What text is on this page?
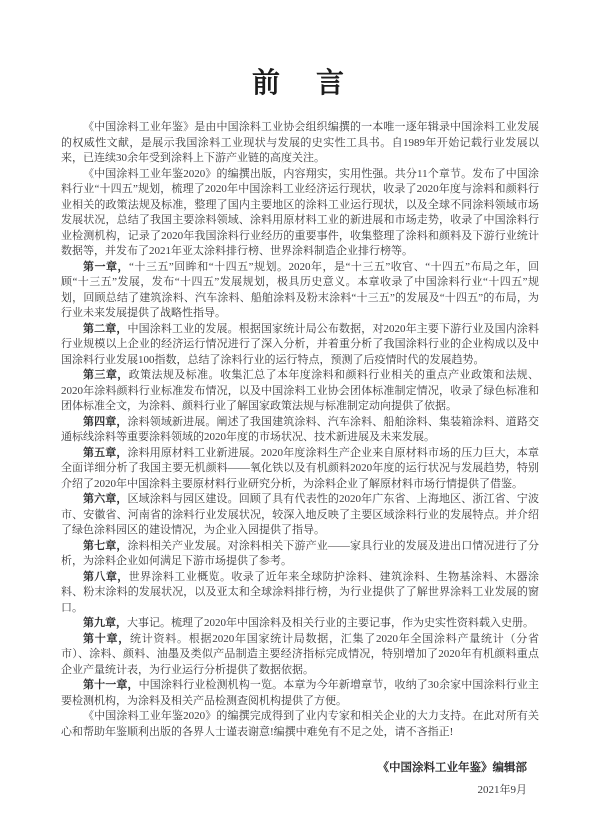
前　言

《中国涂料工业年鉴》是由中国涂料工业协会组织编撰的一本唯一逐年辑录中国涂料工业发展的权威性文献，是展示我国涂料工业现状与发展的史实性工具书。自1989年开始记载行业发展以来，已连续30余年受到涂料上下游产业链的高度关注。

《中国涂料工业年鉴2020》的编撰出版，内容翔实，实用性强。共分11个章节。发布了中国涂料行业“十四五”规划，梳理了2020年中国涂料工业经济运行现状，收录了2020年度与涂料和颜料行业相关的政策法规及标准，整理了国内主要地区的涂料工业运行现状，以及全球不同涂料领域市场发展状况，总结了我国主要涂料领域、涂料用原材料工业的新进展和市场走势，收录了中国涂料行业检测机构，记录了2020年我国涂料行业经历的重要事件，收集整理了涂料和颜料及下游行业统计数据等，并发布了2021年亚太涂料排行榜、世界涂料制造企业排行榜等。

第一章，“十三五”回眸和“十四五”规划。2020年，是“十三五”收官、“十四五”布局之年，回顾“十三五”发展，发布“十四五”发展规划，极具历史意义。本章收录了中国涂料行业“十四五”规划，回顾总结了建筑涂料、汽车涂料、船舶涂料及粉末涂料“十三五”的发展及“十四五”的布局，为行业未来发展提供了战略性指导。

第二章，中国涂料工业的发展。根据国家统计局公布数据，对2020年主要下游行业及国内涂料行业规模以上企业的经济运行情况进行了深入分析，并着重分析了我国涂料行业的企业构成以及中国涂料行业发展100指数，总结了涂料行业的运行特点，预测了后疫情时代的发展趋势。

第三章，政策法规及标准。收集汇总了本年度涂料和颜料行业相关的重点产业政策和法规、2020年涂料颜料行业标准发布情况，以及中国涂料工业协会团体标准制定情况，收录了绿色标准和团体标准全文，为涂料、颜料行业了解国家政策法规与标准制定动向提供了依据。

第四章，涂料领域新进展。阐述了我国建筑涂料、汽车涂料、船舶涂料、集装箱涂料、道路交通标线涂料等重要涂料领域的2020年度的市场状况、技术新进展及未来发展。

第五章，涂料用原材料工业新进展。2020年度涂料生产企业来自原材料市场的压力巨大，本章全面详细分析了我国主要无机颜料——氧化铁以及有机颜料2020年度的运行状况与发展趋势，特别介绍了2020年中国涂料主要原材料行业研究分析，为涂料企业了解原材料市场行情提供了借鉴。

第六章，区域涂料与园区建设。回顾了具有代表性的2020年广东省、上海地区、浙江省、宁波市、安徽省、河南省的涂料行业发展状况，较深入地反映了主要区域涂料行业的发展特点。并介绍了绿色涂料园区的建设情况，为企业入园提供了指导。

第七章，涂料相关产业发展。对涂料相关下游产业——家具行业的发展及进出口情况进行了分析，为涂料企业如何满足下游市场提供了参考。

第八章，世界涂料工业概览。收录了近年来全球防护涂料、建筑涂料、生物基涂料、木器涂料、粉末涂料的发展状况，以及亚太和全球涂料排行榜，为行业提供了了解世界涂料工业发展的窗口。

第九章，大事记。梳理了2020年中国涂料及相关行业的主要记事，作为史实性资料载入史册。

第十章，统计资料。根据2020年国家统计局数据，汇集了2020年全国涂料产量统计（分省市）、涂料、颜料、油墨及类似产品制造主要经济指标完成情况，特别增加了2020年有机颜料重点企业产量统计表，为行业运行分析提供了数据依据。

第十一章，中国涂料行业检测机构一览。本章为今年新增章节，收纳了30余家中国涂料行业主要检测机构，为涂料及相关产品检测查阅机构提供了方便。

《中国涂料工业年鉴2020》的编撰完成得到了业内专家和相关企业的大力支持。在此对所有关心和帮助年鉴顺利出版的各界人士谨表谢意!编撰中难免有不足之处，请不吝指正!

《中国涂料工业年鉴》编辑部
2021年9月
